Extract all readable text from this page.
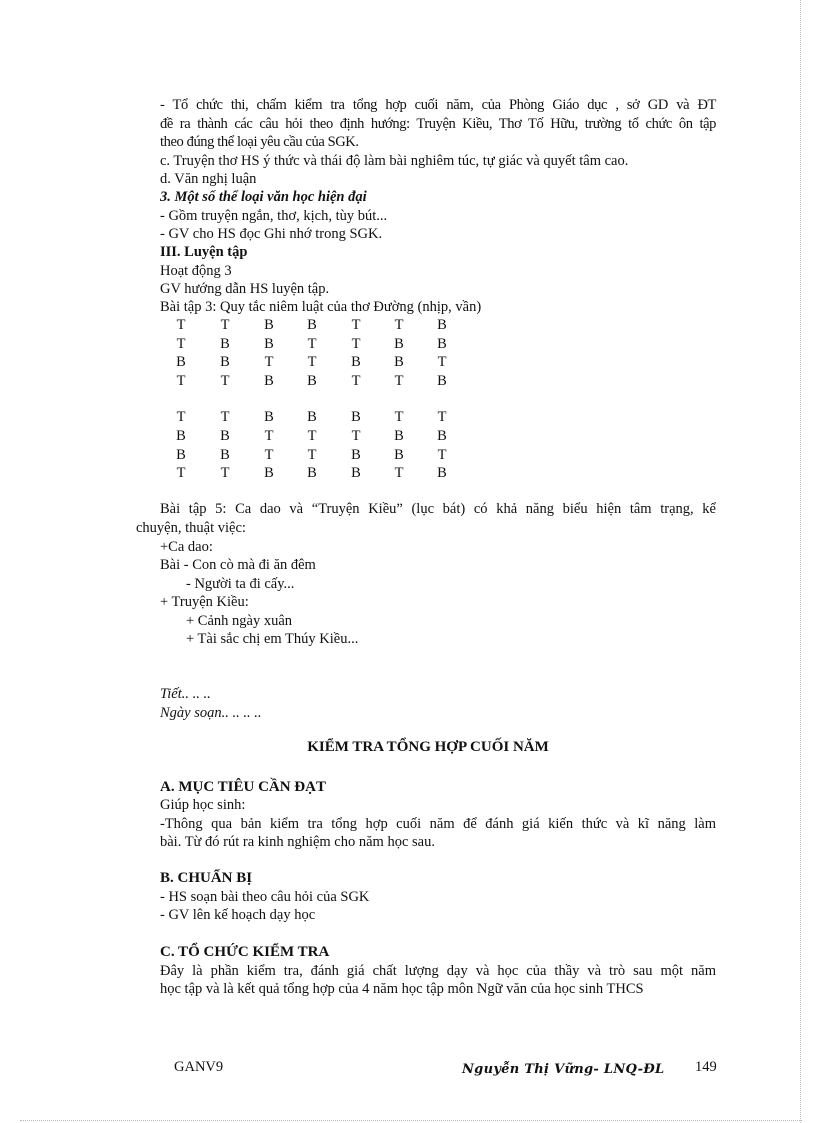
- Tổ chức thi, chấm kiểm tra tổng hợp cuối năm, của Phòng Giáo dục , sở GD và ĐT
đề ra thành các câu hỏi theo định hướng: Truyện Kiều, Thơ Tố Hữu, trường tổ chức ôn tập
theo đúng thể loại yêu cầu của SGK.
c. Truyện thơ HS ý thức và thái độ làm bài nghiêm túc, tự giác và quyết tâm cao.
d. Văn nghị luận
3. Một số thể loại văn học hiện đại
- Gồm truyện ngắn, thơ, kịch, tùy bút...
- GV cho HS đọc Ghi nhớ trong SGK.
III. Luyện tập
Hoạt động 3
GV hướng dẫn HS luyện tập.
Bài tập 3: Quy tắc niêm luật của thơ Đường (nhịp, vần)
T T B B T T B
T B B T T B B
B B T T B B T
T T B B T T B
T T B B B T T
B B T T T B B
B B T T B B T
T T B B B T B
Bài tập 5: Ca dao và “Truyện Kiều” (lục bát) có khả năng biểu hiện tâm trạng, kể
chuyện, thuật việc:
+Ca dao:
Bài - Con cò mà đi ăn đêm
- Người ta đi cấy...
+ Truyện Kiều:
+ Cảnh ngày xuân
+ Tài sắc chị em Thúy Kiều...
Tiết.. .. ..
Ngày soạn.. .. .. ..
KIỂM TRA TỔNG HỢP CUỐI NĂM
A. MỤC TIÊU CẦN ĐẠT
Giúp học sinh:
-Thông qua bản kiểm tra tổng hợp cuối năm để đánh giá kiến thức và kĩ năng làm
bài. Từ đó rút ra kinh nghiệm cho năm học sau.
B. CHUẨN BỊ
- HS soạn bài theo câu hỏi của SGK
- GV lên kế hoạch dạy học
C. TỔ CHỨC KIỂM TRA
Đây là phần kiểm tra, đánh giá chất lượng dạy và học của thầy và trò sau một năm
học tập và là kết quả tổng hợp của 4 năm học tập môn Ngữ văn của học sinh THCS
GANV9	Nguyễn Thị Vững- LNQ-ĐL 149
